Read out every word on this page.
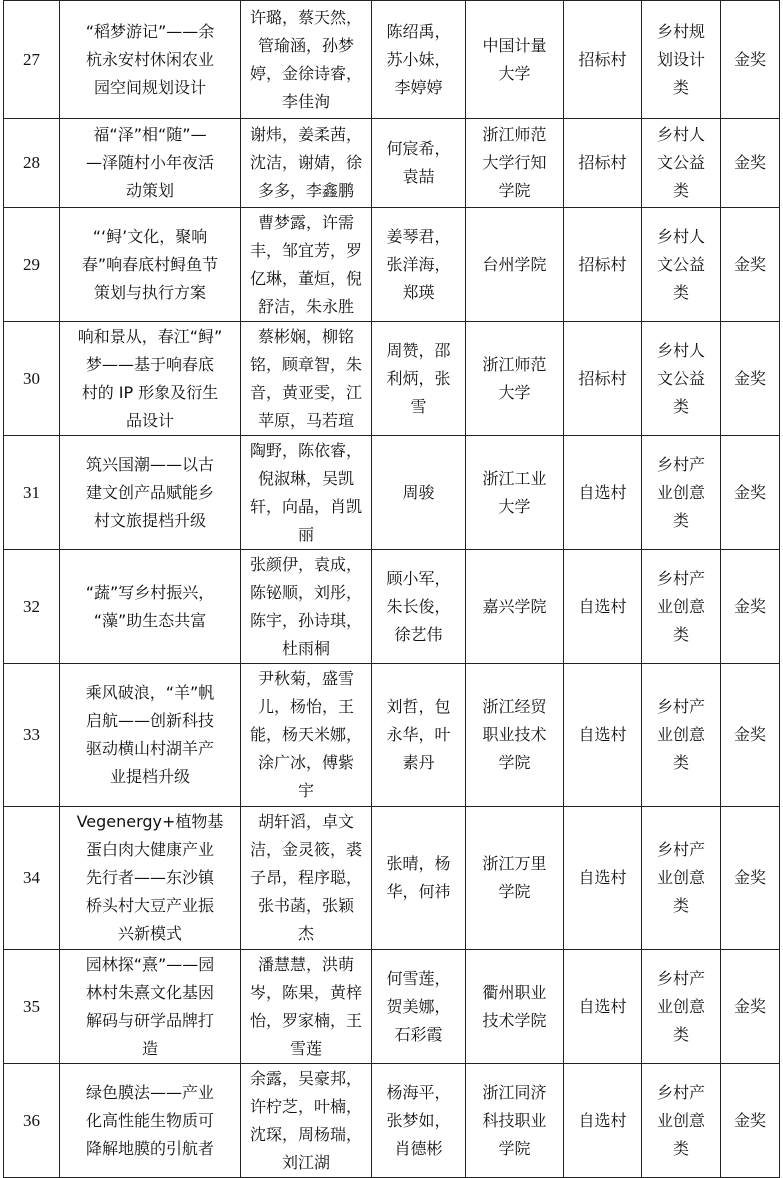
27	“稻梦游记”——余
杭永安村休闲农业
园空间规划设计	许璐，蔡天然，
管瑜涵，孙梦
婷，金徐诗睿，
李佳洵	陈绍禹，
苏小妹，
李婷婷	中国计量
大学	招标村	乡村规
划设计
类	金奖
28	福“泽”相“随”—
—泽随村小年夜活
动策划	谢炜，姜柔茜，
沈洁，谢婧，徐
多多，李鑫鹏	何宸希，
袁喆	浙江师范
大学行知
学院	招标村	乡村人
文公益
类	金奖
29	“‘鲟’文化，聚响
春”响春底村鲟鱼节
策划与执行方案	曹梦露，许需
丰，邹宜芳，罗
亿琳，董烜，倪
舒洁，朱永胜	姜琴君，
张洋海，
郑瑛	台州学院	招标村	乡村人
文公益
类	金奖
30	响和景从，春江“鲟”
梦——基于响春底
村的 IP 形象及衍生
品设计	蔡彬娴，柳铭
铭，顾章智，朱
音，黄亚雯，江
苹原，马若瑄	周赞，邵
利炳，张
雪	浙江师范
大学	招标村	乡村人
文公益
类	金奖
31	筑兴国潮——以古
建文创产品赋能乡
村文旅提档升级	陶野，陈依睿，
倪淑琳，吴凯
轩，向晶，肖凯
丽	周骏	浙江工业
大学	自选村	乡村产
业创意
类	金奖
32	“蔬”写乡村振兴，
“藻”助生态共富	张颜伊，袁成，
陈铋顺，刘彤，
陈宇，孙诗琪，
杜雨桐	顾小军，
朱长俊，
徐艺伟	嘉兴学院	自选村	乡村产
业创意
类	金奖
33	乘风破浪，“羊”帆
启航——创新科技
驱动横山村湖羊产
业提档升级	尹秋菊，盛雪
儿，杨怡，王
能，杨天米娜，
涂广冰，傅紫
宇	刘哲，包
永华，叶
素丹	浙江经贸
职业技术
学院	自选村	乡村产
业创意
类	金奖
34	Vegenergy+植物基
蛋白肉大健康产业
先行者——东沙镇
桥头村大豆产业振
兴新模式	胡轩滔，卓文
洁，金灵筱，裘
子昂，程序聪，
张书菡，张颖
杰	张晴，杨
华，何祎	浙江万里
学院	自选村	乡村产
业创意
类	金奖
35	园林探“熹”——园
林村朱熹文化基因
解码与研学品牌打
造	潘慧慧，洪萌
岑，陈果，黄梓
怡，罗家楠，王
雪莲	何雪莲，
贺美娜，
石彩霞	衢州职业
技术学院	自选村	乡村产
业创意
类	金奖
36	绿色膜法——产业
化高性能生物质可
降解地膜的引航者	余露，吴豪邦，
许柠芝，叶楠，
沈琛，周杨瑞，
刘江湖	杨海平，
张梦如，
肖德彬	浙江同济
科技职业
学院	自选村	乡村产
业创意
类	金奖
